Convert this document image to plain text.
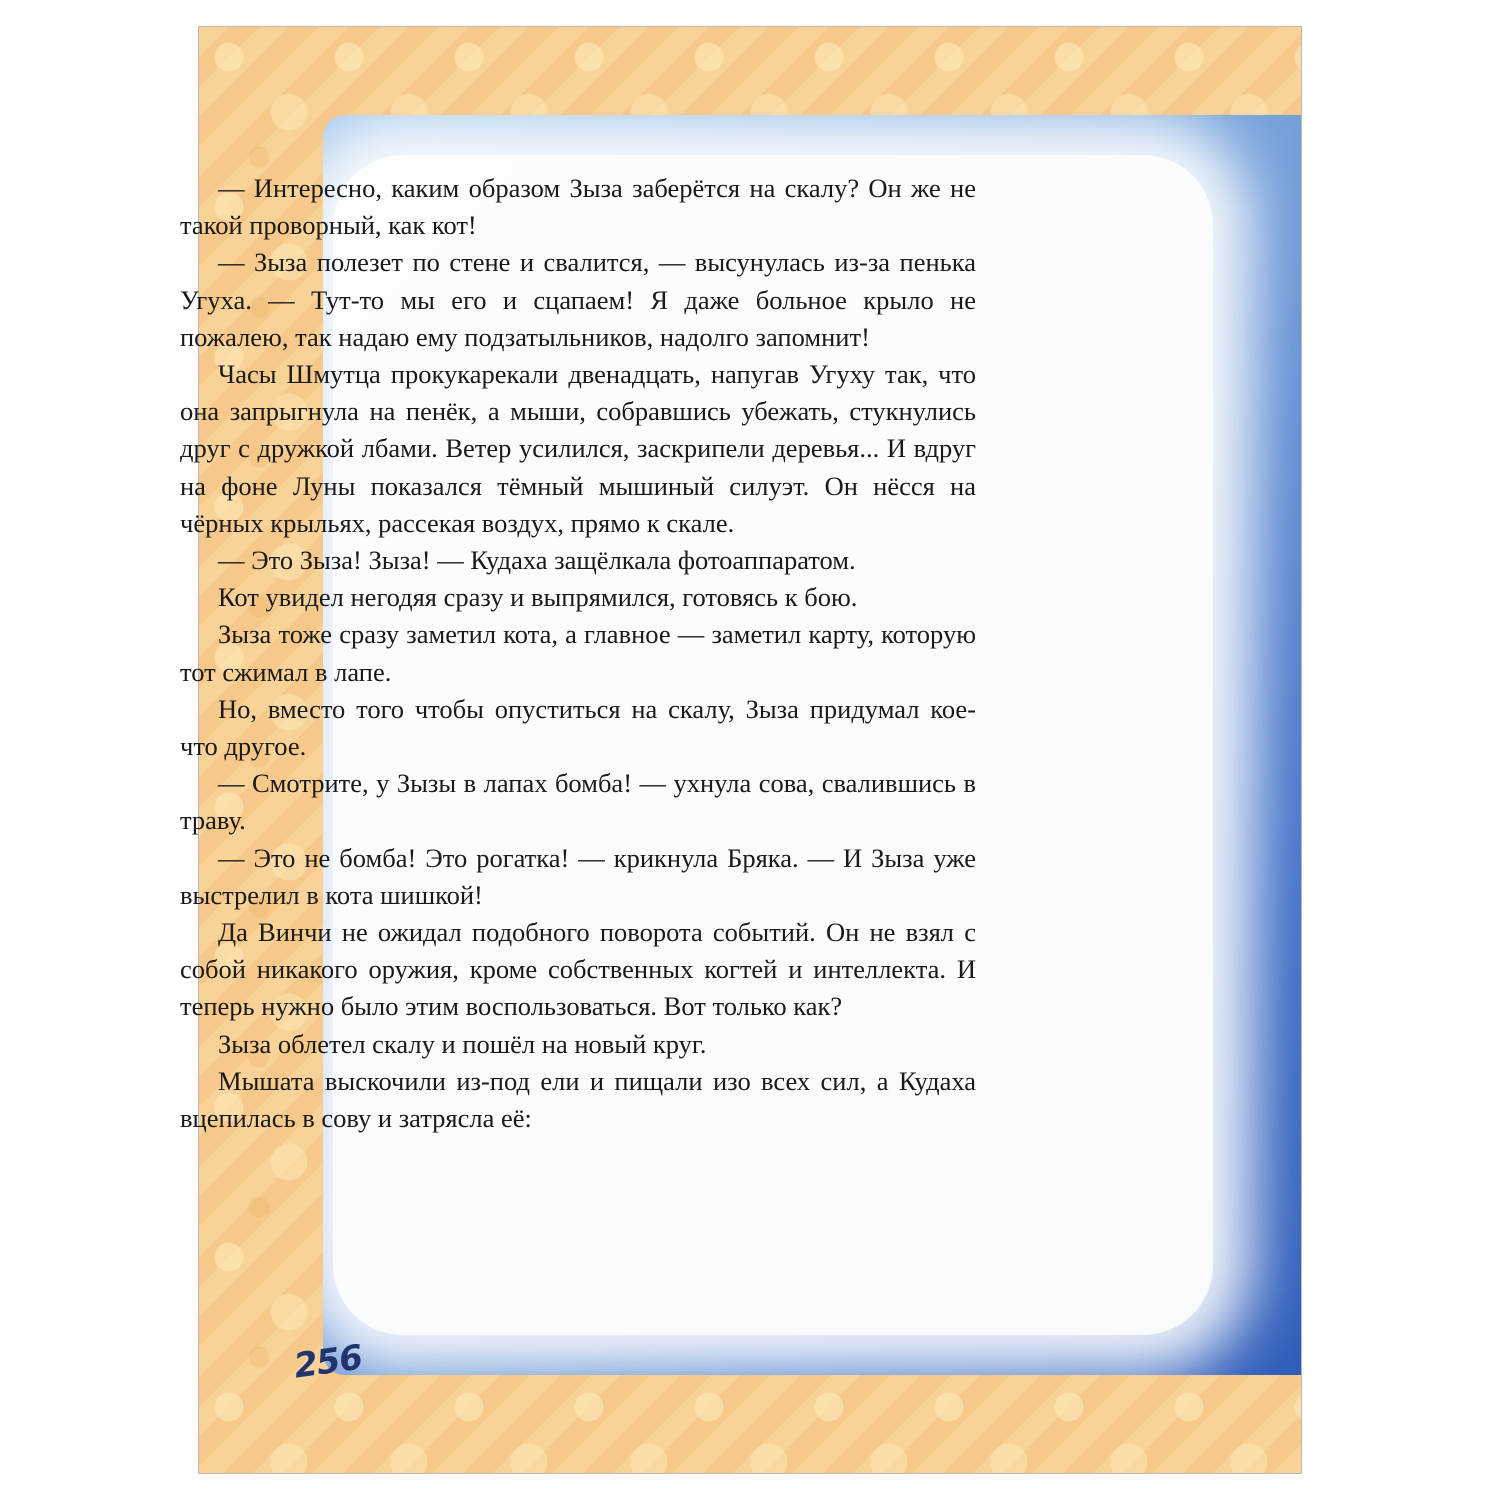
— Интересно, каким образом Зыза заберётся на скалу? Он же не такой проворный, как кот!

— Зыза полезет по стене и свалится, — высунулась из-за пенька Угуха. — Тут-то мы его и сцапаем! Я даже больное крыло не пожалею, так надаю ему подзатыльников, надолго запомнит!

Часы Шмутца прокукарекали двенадцать, напугав Угуху так, что она запрыгнула на пенёк, а мыши, собравшись убежать, стукнулись друг с дружкой лбами. Ветер усилился, заскрипели деревья... И вдруг на фоне Луны показался тёмный мышиный силуэт. Он нёсся на чёрных крыльях, рассекая воздух, прямо к скале.

— Это Зыза! Зыза! — Кудаха защёлкала фотоаппаратом.

Кот увидел негодяя сразу и выпрямился, готовясь к бою.

Зыза тоже сразу заметил кота, а главное — заметил карту, которую тот сжимал в лапе.

Но, вместо того чтобы опуститься на скалу, Зыза придумал кое-что другое.

— Смотрите, у Зызы в лапах бомба! — ухнула сова, свалившись в траву.

— Это не бомба! Это рогатка! — крикнула Бряка. — И Зыза уже выстрелил в кота шишкой!

Да Винчи не ожидал подобного поворота событий. Он не взял с собой никакого оружия, кроме собственных когтей и интеллекта. И теперь нужно было этим воспользоваться. Вот только как?

Зыза облетел скалу и пошёл на новый круг.

Мышата выскочили из-под ели и пищали изо всех сил, а Кудаха вцепилась в сову и затрясла её:

256
